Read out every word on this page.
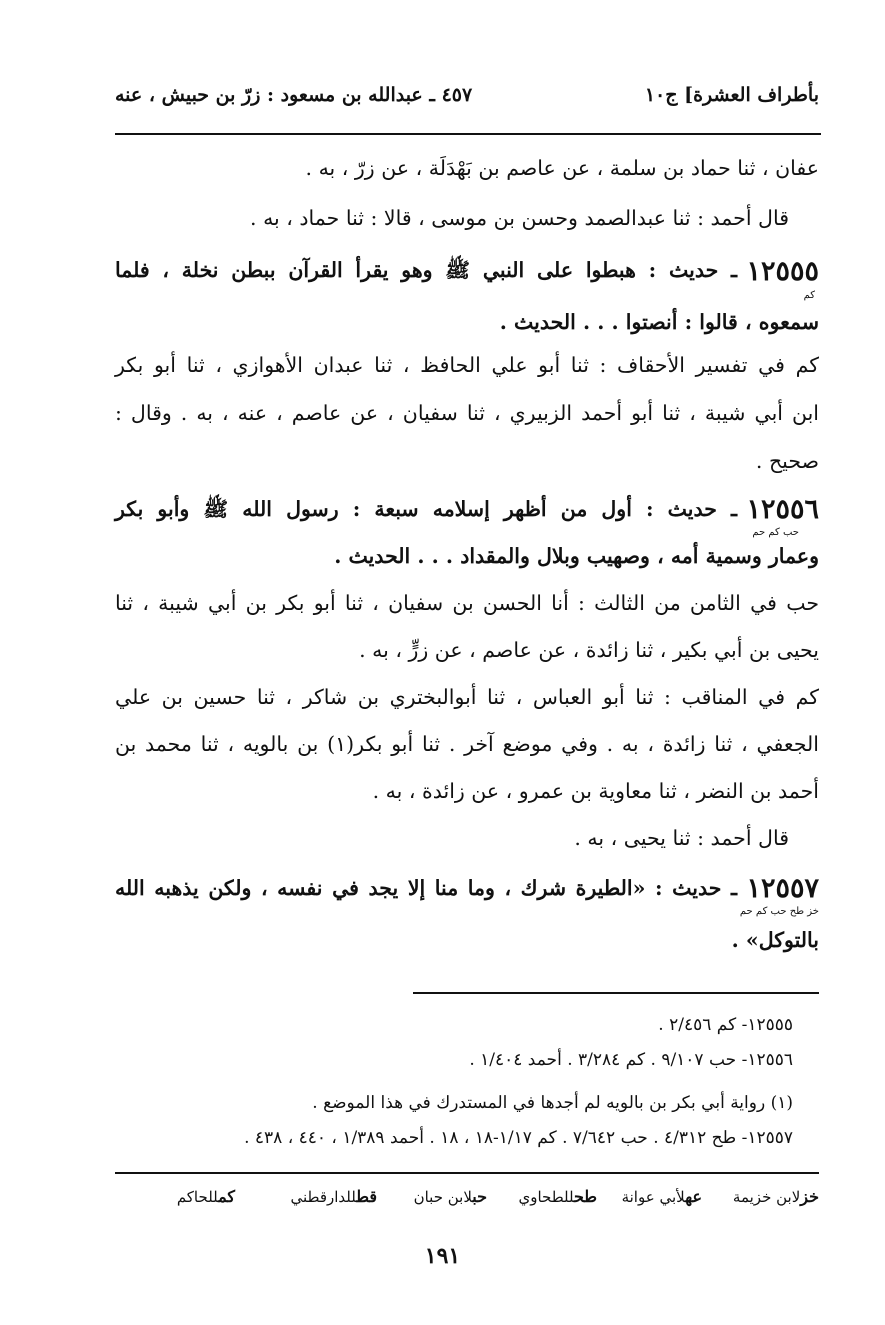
بأطراف العشرة] ج١٠
٤٥٧ ـ عبدالله بن مسعود : زرّ بن حبيش ، عنه
عفان ، ثنا حماد بن سلمة ، عن عاصم بن بَهْدَلَة ، عن زرّ ، به .
قال أحمد : ثنا عبدالصمد وحسن بن موسى ، قالا : ثنا حماد ، به .
١٢٥٥٥
كم
ـ حديث : هبطوا على النبي ﷺ وهو يقرأ القرآن ببطن نخلة ، فلما
سمعوه ، قالوا : أنصتوا . . . الحديث .
كم في تفسير الأحقاف : ثنا أبو علي الحافظ ، ثنا عبدان الأهوازي ، ثنا أبو بكر
ابن أبي شيبة ، ثنا أبو أحمد الزبيري ، ثنا سفيان ، عن عاصم ، عنه ، به . وقال :
صحيح .
١٢٥٥٦
حب كم حم
ـ حديث : أول من أظهر إسلامه سبعة : رسول الله ﷺ وأبو بكر
وعمار وسمية أمه ، وصهيب وبلال والمقداد . . . الحديث .
حب في الثامن من الثالث : أنا الحسن بن سفيان ، ثنا أبو بكر بن أبي شيبة ، ثنا
يحيى بن أبي بكير ، ثنا زائدة ، عن عاصم ، عن زرٍّ ، به .
كم في المناقب : ثنا أبو العباس ، ثنا أبوالبختري بن شاكر ، ثنا حسين بن علي
الجعفي ، ثنا زائدة ، به . وفي موضع آخر . ثنا أبو بكر(١) بن بالويه ، ثنا محمد بن
أحمد بن النضر ، ثنا معاوية بن عمرو ، عن زائدة ، به .
قال أحمد : ثنا يحيى ، به .
١٢٥٥٧
خز طح حب كم حم
ـ حديث : «الطيرة شرك ، وما منا إلا يجد في نفسه ، ولكن يذهبه الله
بالتوكل» .
١٢٥٥٥- كم ٢/٤٥٦ .
١٢٥٥٦- حب ٩/١٠٧ . كم ٣/٢٨٤ . أحمد ١/٤٠٤ .
(١) رواية أبي بكر بن بالويه لم أجدها في المستدرك في هذا الموضع .
١٢٥٥٧- طح ٤/٣١٢ . حب ٧/٦٤٢ . كم ١/١٧-١٨ ، ١٨ . أحمد ١/٣٨٩ ، ٤٤٠ ، ٤٣٨ .
خزلابن خزيمة
عهلأبي عوانة
طحللطحاوي
حبلابن حبان
قطللدارقطني
كمللحاكم
١٩١
